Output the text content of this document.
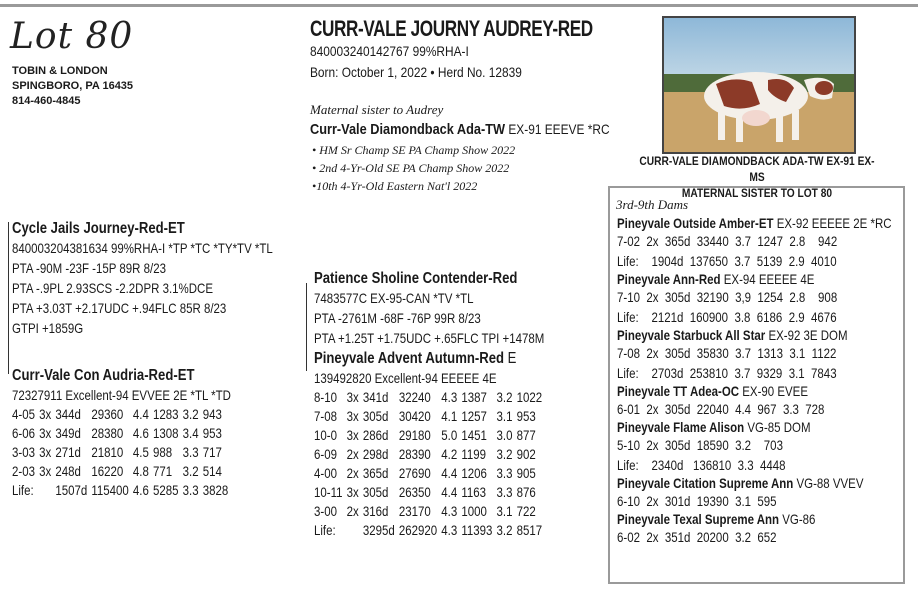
Lot 80
TOBIN & LONDON
SPINGBORO, PA 16435
814-460-4845
CURR-VALE JOURNY AUDREY-RED
840003240142767 99%RHA-I
Born: October 1, 2022 • Herd No. 12839
Maternal sister to Audrey
Curr-Vale Diamondback Ada-TW EX-91 EEEVE *RC
• HM Sr Champ SE PA Champ Show 2022
• 2nd 4-Yr-Old SE PA Champ Show 2022
•10th 4-Yr-Old Eastern Nat'l 2022
CURR-VALE DIAMONDBACK ADA-TW EX-91 EX-MS
MATERNAL SISTER TO LOT 80
Cycle Jails Journey-Red-ET
840003204381634 99%RHA-I *TP *TC *TY*TV *TL
PTA -90M -23F -15P 89R 8/23
PTA -.9PL 2.93SCS -2.2DPR 3.1%DCE
PTA +3.03T +2.17UDC +.94FLC 85R 8/23
GTPI +1859G
Curr-Vale Con Audria-Red-ET
72327911 Excellent-94 EVVEE 2E *TL *TD
4-05	3x	344d	29360	4.4	1283	3.2	943
6-06	3x	349d	28380	4.6	1308	3.4	953
3-03	3x	271d	21810	4.5	988	3.3	717
2-03	3x	248d	16220	4.8	771	3.2	514
Life:		1507d	115400	4.6	5285	3.3	3828
Patience Sholine Contender-Red
7483577C EX-95-CAN *TV *TL
PTA -2761M -68F -76P 99R 8/23
PTA +1.25T +1.75UDC +.65FLC TPI +1478M
Pineyvale Advent Autumn-Red E
139492820 Excellent-94 EEEEE 4E
8-10	3x	341d	32240	4.3	1387	3.2	1022
7-08	3x	305d	30420	4.1	1257	3.1	953
10-0	3x	286d	29180	5.0	1451	3.0	877
6-09	2x	298d	28390	4.2	1199	3.2	902
4-00	2x	365d	27690	4.4	1206	3.3	905
10-11	3x	305d	26350	4.4	1163	3.3	876
3-00	2x	316d	23170	4.3	1000	3.1	722
Life:		3295d	262920	4.3	11393	3.2	8517
3rd-9th Dams
Pineyvale Outside Amber-ET EX-92 EEEEE 2E *RC
7-02  2x  365d  33440  3.7  1247  2.8    942
Life:    1904d  137650  3.7  5139  2.9  4010
Pineyvale Ann-Red EX-94 EEEEE 4E
7-10  2x  305d  32190  3,9  1254  2.8    908
Life:    2121d  160900  3.8  6186  2.9  4676
Pineyvale Starbuck All Star EX-92 3E DOM
7-08  2x  305d  35830  3.7  1313  3.1  1122
Life:    2703d  253810  3.7  9329  3.1  7843
Pineyvale TT Adea-OC EX-90 EVEE
6-01  2x  305d  22040  4.4  967  3.3  728
Pineyvale Flame Alison VG-85 DOM
5-10  2x  305d  18590  3.2    703
Life:    2340d   136810  3.3  4448
Pineyvale Citation Supreme Ann VG-88 VVEV
6-10  2x  301d  19390  3.1  595
Pineyvale Texal Supreme Ann VG-86
6-02  2x  351d  20200  3.2  652
